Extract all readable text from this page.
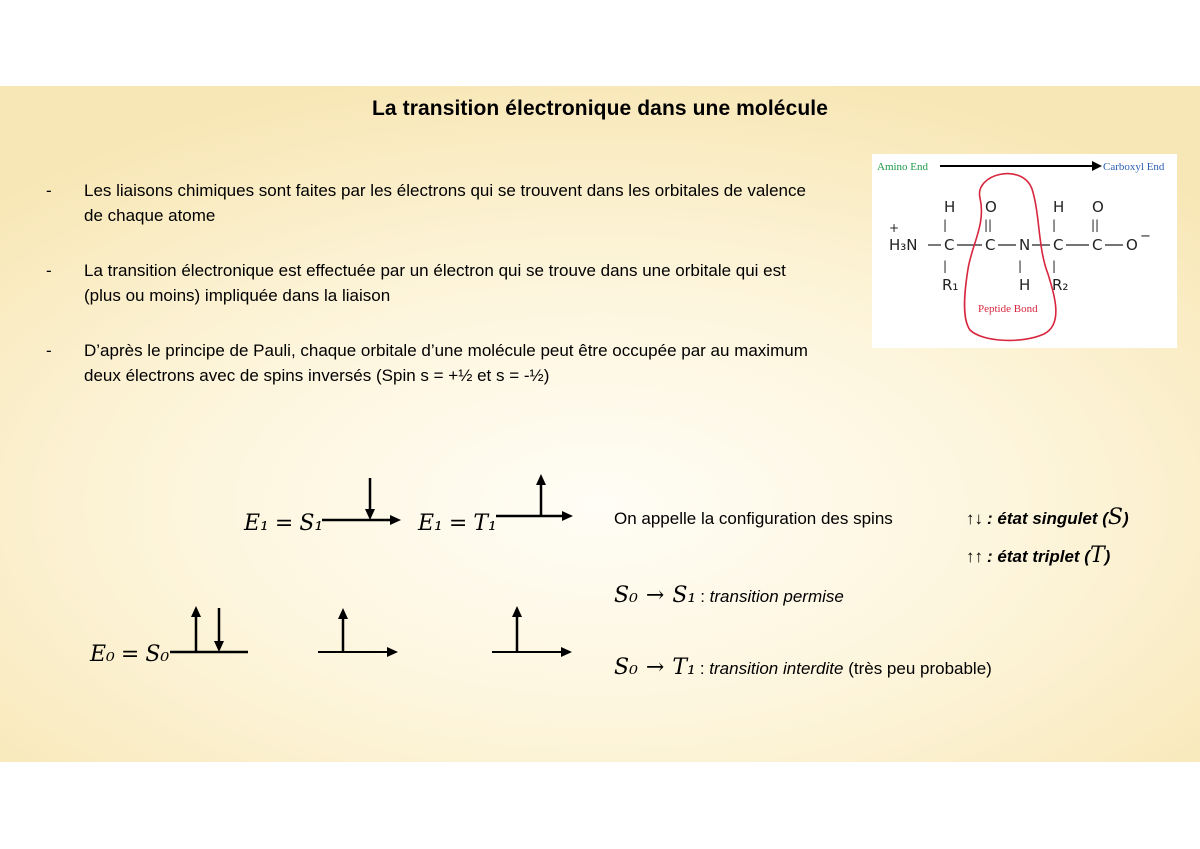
La transition électronique dans une molécule
- Les liaisons chimiques sont faites par les électrons qui se trouvent dans les orbitales de valence de chaque atome
- La transition électronique est effectuée par un électron qui se trouve dans une orbitale qui est (plus ou moins) impliquée dans la liaison
- D’après le principe de Pauli, chaque orbitale d’une molécule peut être occupée par au maximum deux électrons avec de spins inversés (Spin s = +½ et s = -½)
Amino End	Carboxyl End
H O	H O
|	||	|	||
+
H₃N C C N C C O −
|	| |
R₁	H R₂
Peptide Bond
E₁ = S₁	E₁ = T₁
E₀ = S₀
On appelle la configuration des spins	↑↓ : état singulet (S)
↑↑ : état triplet (T)
S₀ → S₁ : transition permise
S₀ → T₁ : transition interdite (très peu probable)
